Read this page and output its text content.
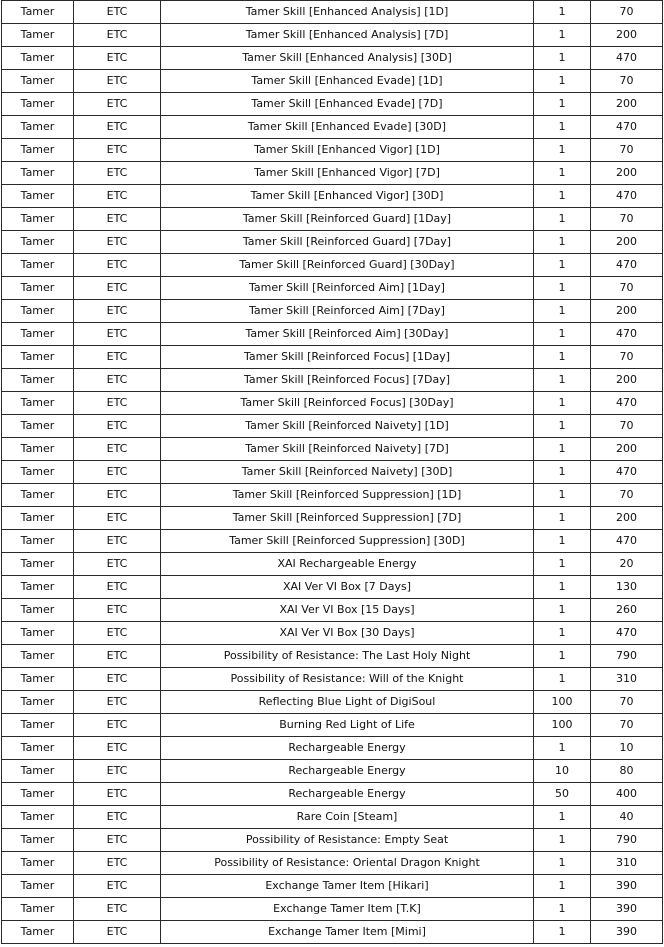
Tamer	ETC	Tamer Skill [Enhanced Analysis] [1D]	1	70
Tamer	ETC	Tamer Skill [Enhanced Analysis] [7D]	1	200
Tamer	ETC	Tamer Skill [Enhanced Analysis] [30D]	1	470
Tamer	ETC	Tamer Skill [Enhanced Evade] [1D]	1	70
Tamer	ETC	Tamer Skill [Enhanced Evade] [7D]	1	200
Tamer	ETC	Tamer Skill [Enhanced Evade] [30D]	1	470
Tamer	ETC	Tamer Skill [Enhanced Vigor] [1D]	1	70
Tamer	ETC	Tamer Skill [Enhanced Vigor] [7D]	1	200
Tamer	ETC	Tamer Skill [Enhanced Vigor] [30D]	1	470
Tamer	ETC	Tamer Skill [Reinforced Guard] [1Day]	1	70
Tamer	ETC	Tamer Skill [Reinforced Guard] [7Day]	1	200
Tamer	ETC	Tamer Skill [Reinforced Guard] [30Day]	1	470
Tamer	ETC	Tamer Skill [Reinforced Aim] [1Day]	1	70
Tamer	ETC	Tamer Skill [Reinforced Aim] [7Day]	1	200
Tamer	ETC	Tamer Skill [Reinforced Aim] [30Day]	1	470
Tamer	ETC	Tamer Skill [Reinforced Focus] [1Day]	1	70
Tamer	ETC	Tamer Skill [Reinforced Focus] [7Day]	1	200
Tamer	ETC	Tamer Skill [Reinforced Focus] [30Day]	1	470
Tamer	ETC	Tamer Skill [Reinforced Naivety] [1D]	1	70
Tamer	ETC	Tamer Skill [Reinforced Naivety] [7D]	1	200
Tamer	ETC	Tamer Skill [Reinforced Naivety] [30D]	1	470
Tamer	ETC	Tamer Skill [Reinforced Suppression] [1D]	1	70
Tamer	ETC	Tamer Skill [Reinforced Suppression] [7D]	1	200
Tamer	ETC	Tamer Skill [Reinforced Suppression] [30D]	1	470
Tamer	ETC	XAI Rechargeable Energy	1	20
Tamer	ETC	XAI Ver VI Box [7 Days]	1	130
Tamer	ETC	XAI Ver VI Box [15 Days]	1	260
Tamer	ETC	XAI Ver VI Box [30 Days]	1	470
Tamer	ETC	Possibility of Resistance: The Last Holy Night	1	790
Tamer	ETC	Possibility of Resistance: Will of the Knight	1	310
Tamer	ETC	Reflecting Blue Light of DigiSoul	100	70
Tamer	ETC	Burning Red Light of Life	100	70
Tamer	ETC	Rechargeable Energy	1	10
Tamer	ETC	Rechargeable Energy	10	80
Tamer	ETC	Rechargeable Energy	50	400
Tamer	ETC	Rare Coin [Steam]	1	40
Tamer	ETC	Possibility of Resistance: Empty Seat	1	790
Tamer	ETC	Possibility of Resistance: Oriental Dragon Knight	1	310
Tamer	ETC	Exchange Tamer Item [Hikari]	1	390
Tamer	ETC	Exchange Tamer Item [T.K]	1	390
Tamer	ETC	Exchange Tamer Item [Mimi]	1	390
